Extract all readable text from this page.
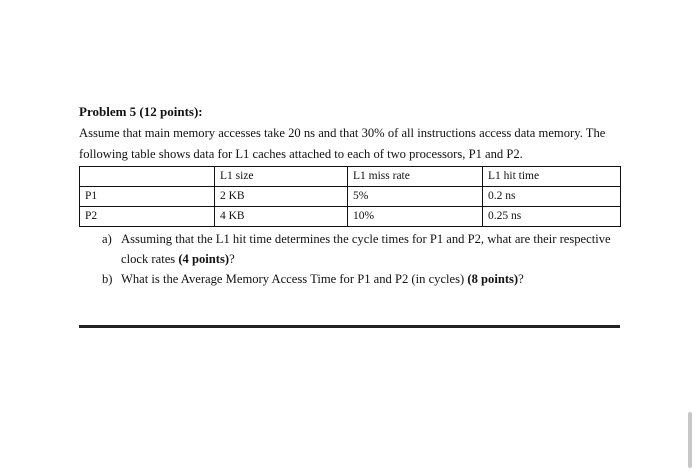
Problem 5 (12 points):

Assume that main memory accesses take 20 ns and that 30% of all instructions access data memory. The following table shows data for L1 caches attached to each of two processors, P1 and P2.

	L1 size	L1 miss rate	L1 hit time
P1	2 KB	5%	0.2 ns
P2	4 KB	10%	0.25 ns
a) Assuming that the L1 hit time determines the cycle times for P1 and P2, what are their respective clock rates (4 points)?
b) What is the Average Memory Access Time for P1 and P2 (in cycles) (8 points)?
